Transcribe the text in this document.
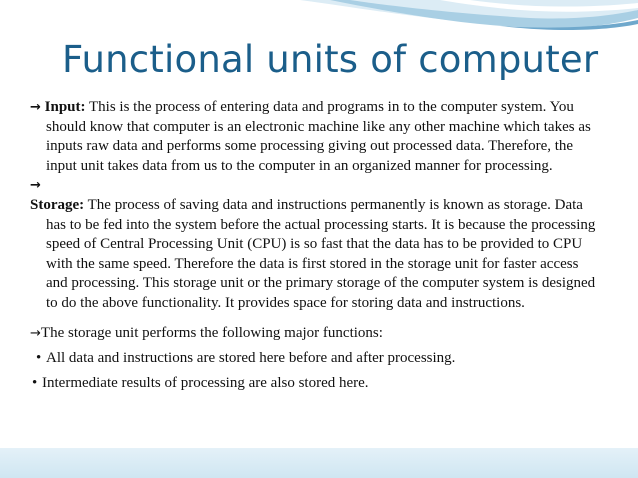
Functional units of computer

→ Input: This is the process of entering data and programs in to the computer system. You should know that computer is an electronic machine like any other machine which takes as inputs raw data and performs some processing giving out processed data. Therefore, the input unit takes data from us to the computer in an organized manner for processing.

→

Storage: The process of saving data and instructions permanently is known as storage. Data has to be fed into the system before the actual processing starts. It is because the processing speed of Central Processing Unit (CPU) is so fast that the data has to be provided to CPU with the same speed. Therefore the data is first stored in the storage unit for faster access and processing. This storage unit or the primary storage of the computer system is designed to do the above functionality. It provides space for storing data and instructions.

→The storage unit performs the following major functions:

• All data and instructions are stored here before and after processing.

• Intermediate results of processing are also stored here.
